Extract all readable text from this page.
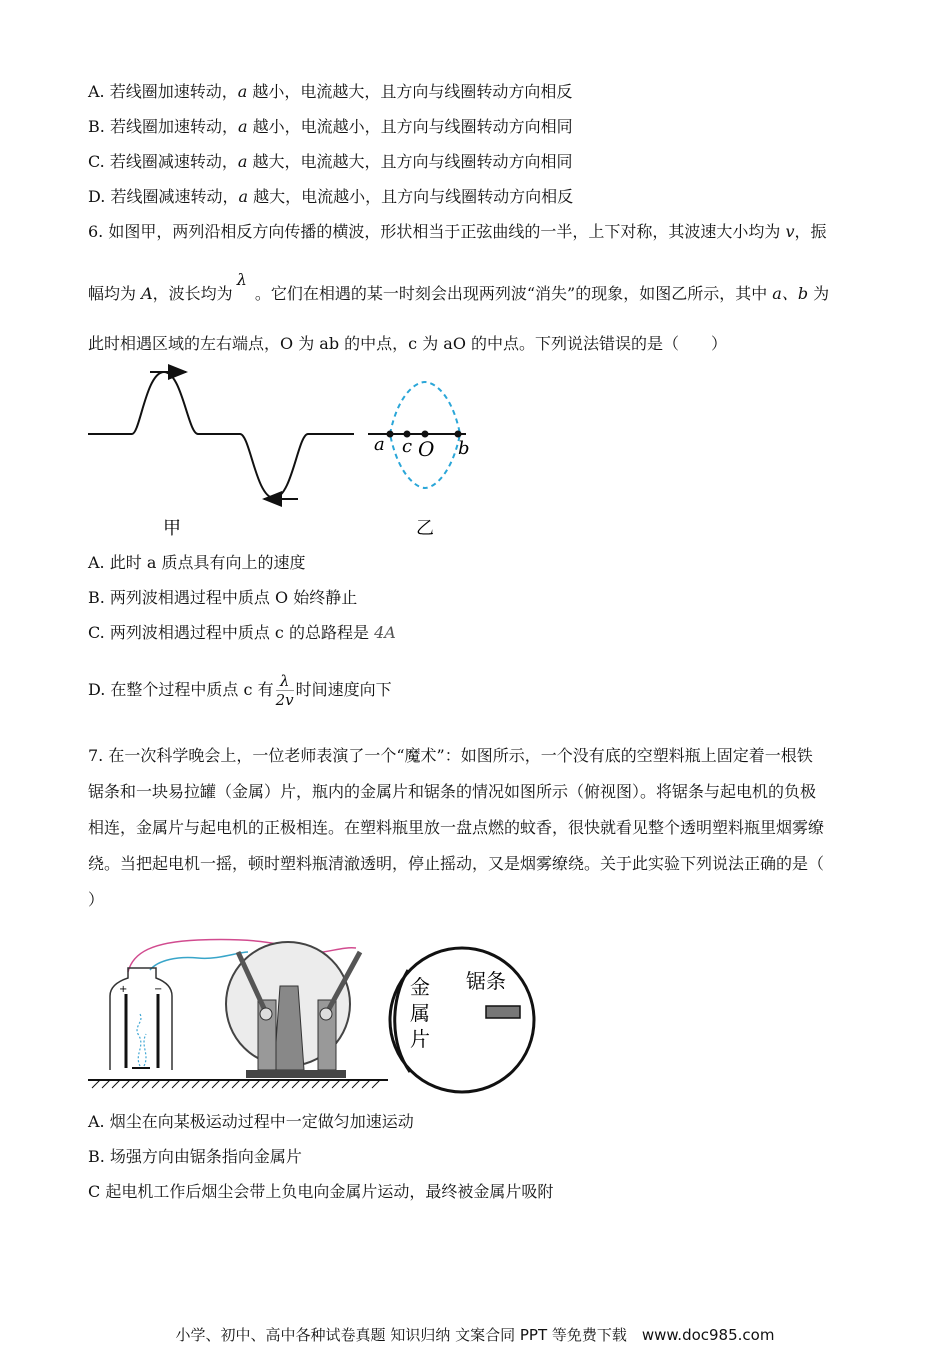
A. 若线圈加速转动，a 越小，电流越大，且方向与线圈转动方向相反
B. 若线圈加速转动，a 越小，电流越小，且方向与线圈转动方向相同
C. 若线圈减速转动，a 越大，电流越大，且方向与线圈转动方向相同
D. 若线圈减速转动，a 越大，电流越小，且方向与线圈转动方向相反
6. 如图甲，两列沿相反方向传播的横波，形状相当于正弦曲线的一半，上下对称，其波速大小均为 v，振
幅均为 A，波长均为λ。它们在相遇的某一时刻会出现两列波“消失”的现象，如图乙所示，其中 a、b 为
此时相遇区域的左右端点，O 为 ab 的中点，c 为 aO 的中点。下列说法错误的是（　　）
甲
a c O b
乙
A. 此时 a 质点具有向上的速度
B. 两列波相遇过程中质点 O 始终静止
C. 两列波相遇过程中质点 c 的总路程是 4A
D. 在整个过程中质点 c 有 $\frac{\lambda}{2v}$ 时间速度向下
7. 在一次科学晚会上，一位老师表演了一个“魔术”：如图所示，一个没有底的空塑料瓶上固定着一根铁
锯条和一块易拉罐（金属）片，瓶内的金属片和锯条的情况如图所示（俯视图）。将锯条与起电机的负极
相连，金属片与起电机的正极相连。在塑料瓶里放一盘点燃的蚊香，很快就看见整个透明塑料瓶里烟雾缭
绕。当把起电机一摇，顿时塑料瓶清澈透明，停止摇动，又是烟雾缭绕。关于此实验下列说法正确的是（
）
+	−	金属片
锯条
A. 烟尘在向某极运动过程中一定做匀加速运动
B. 场强方向由锯条指向金属片
C 起电机工作后烟尘会带上负电向金属片运动，最终被金属片吸附
小学、初中、高中各种试卷真题 知识归纳 文案合同 PPT 等免费下载　www.doc985.com
